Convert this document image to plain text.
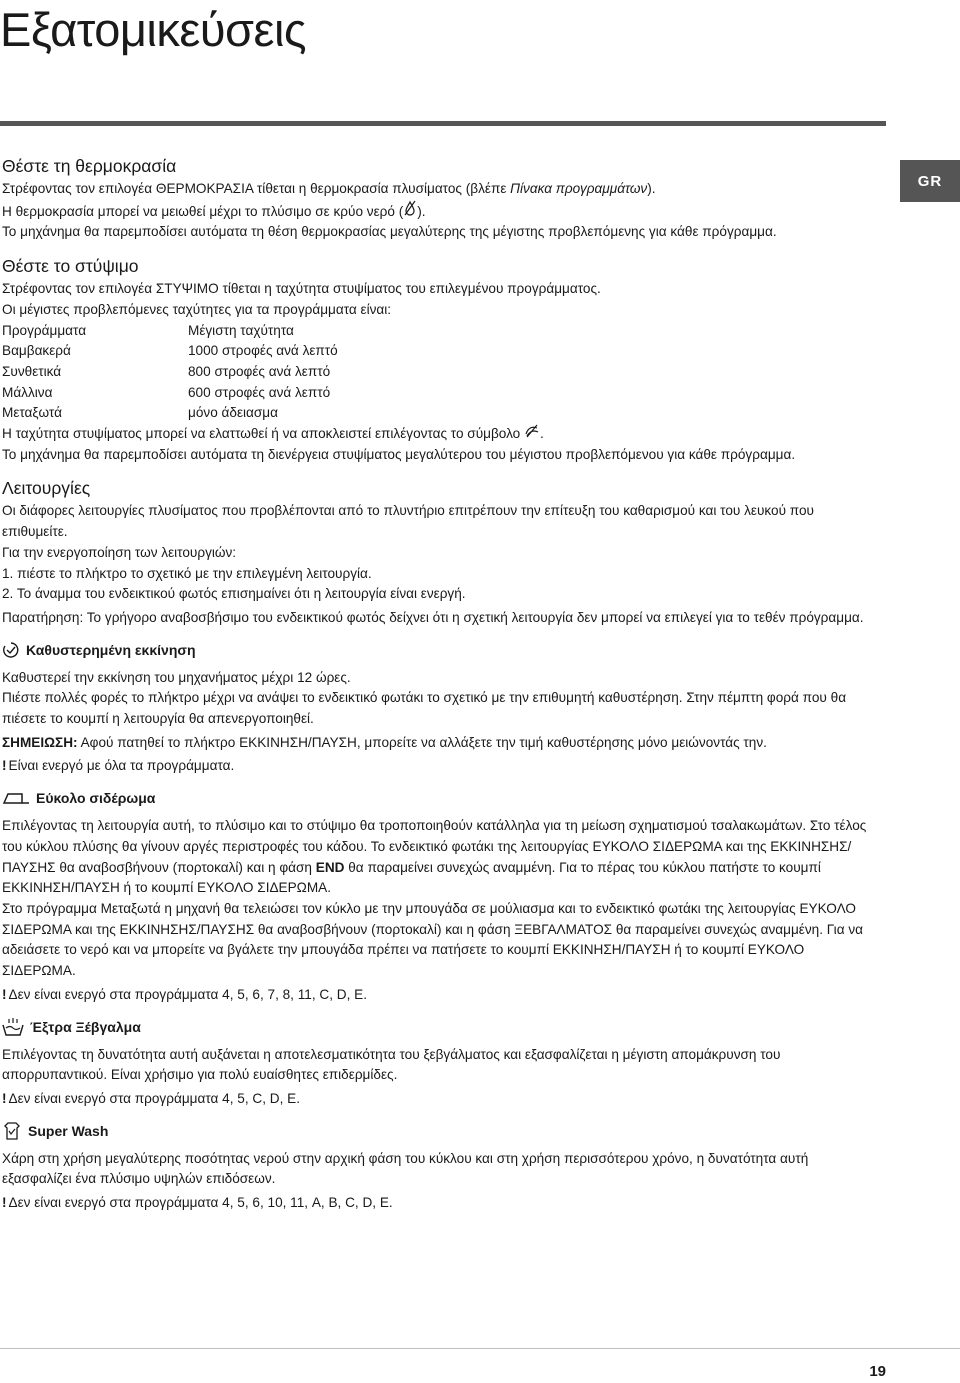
Εξατομικεύσεις
GR
Θέστε τη θερμοκρασία

Στρέφοντας τον επιλογέα ΘΕΡΜΟΚΡΑΣΙΑ τίθεται η θερμοκρασία πλυσίματος (βλέπε Πίνακα προγραμμάτων).

Η θερμοκρασία μπορεί να μειωθεί μέχρι το πλύσιμο σε κρύο νερό ( ).

Το μηχάνημα θα παρεμποδίσει αυτόματα τη θέση θερμοκρασίας μεγαλύτερης της μέγιστης προβλεπόμενης για κάθε πρόγραμμα.

Θέστε το στύψιμο

Στρέφοντας τον επιλογέα ΣΤΥΨΙΜΟ τίθεται η ταχύτητα στυψίματος του επιλεγμένου προγράμματος.

Οι μέγιστες προβλεπόμενες ταχύτητες για τα προγράμματα είναι:

Προγράμματα	Μέγιστη ταχύτητα
Βαμβακερά	1000 στροφές ανά λεπτό
Συνθετικά	800 στροφές ανά λεπτό
Μάλλινα	600 στροφές ανά λεπτό
Μεταξωτά	μόνο άδειασμα

Η ταχύτητα στυψίματος μπορεί να ελαττωθεί ή να αποκλειστεί επιλέγοντας το σύμβολο
.

Το μηχάνημα θα παρεμποδίσει αυτόματα τη διενέργεια στυψίματος μεγαλύτερου του μέγιστου προβλεπόμενου για κάθε πρόγραμμα.

Λειτουργίες

Οι διάφορες λειτουργίες πλυσίματος που προβλέπονται από το πλυντήριο επιτρέπουν την επίτευξη του καθαρισμού και του λευκού που επιθυμείτε.

Για την ενεργοποίηση των λειτουργιών:

1. πιέστε το πλήκτρο το σχετικό με την επιλεγμένη λειτουργία.

2. Το άναμμα του ενδεικτικού φωτός επισημαίνει ότι η λειτουργία είναι ενεργή.

Παρατήρηση: Το γρήγορο αναβοσβήσιμο του ενδεικτικού φωτός δείχνει ότι η σχετική λειτουργία δεν μπορεί να επιλεγεί για το τεθέν πρόγραμμα.

Καθυστερημένη εκκίνηση

Καθυστερεί την εκκίνηση του μηχανήματος μέχρι 12 ώρες.

Πιέστε πολλές φορές το πλήκτρο μέχρι να ανάψει το ενδεικτικό φωτάκι το σχετικό με την επιθυμητή καθυστέρηση. Στην πέμπτη φορά που θα πιέσετε το κουμπί η λειτουργία θα απενεργοποιηθεί.

ΣΗΜΕΙΩΣΗ: Αφού πατηθεί το πλήκτρο ΕΚΚΙΝΗΣΗ/ΠΑΥΣΗ, μπορείτε να αλλάξετε την τιμή καθυστέρησης μόνο μειώνοντάς την.

! Είναι ενεργό με όλα τα προγράμματα.

Εύκολο σιδέρωμα

Επιλέγοντας τη λειτουργία αυτή, το πλύσιμο και το στύψιμο θα τροποποιηθούν κατάλληλα για τη μείωση σχηματισμού τσαλακωμάτων. Στο τέλος του κύκλου πλύσης θα γίνουν αργές περιστροφές του κάδου. Το ενδεικτικό φωτάκι της λειτουργίας ΕΥΚΟΛΟ ΣΙΔΕΡΩΜΑ και της ΕΚΚΙΝΗΣΗΣ/ΠΑΥΣΗΣ θα αναβοσβήνουν (πορτοκαλί) και η φάση END θα παραμείνει συνεχώς αναμμένη. Για το πέρας του κύκλου πατήστε το κουμπί ΕΚΚΙΝΗΣΗ/ΠΑΥΣΗ ή το κουμπί ΕΥΚΟΛΟ ΣΙΔΕΡΩΜΑ.

Στο πρόγραμμα Μεταξωτά η μηχανή θα τελειώσει τον κύκλο με την μπουγάδα σε μούλιασμα και το ενδεικτικό φωτάκι της λειτουργίας ΕΥΚΟΛΟ ΣΙΔΕΡΩΜΑ και της ΕΚΚΙΝΗΣΗΣ/ΠΑΥΣΗΣ θα αναβοσβήνουν (πορτοκαλί) και η φάση ΞΕΒΓΑΛΜΑΤΟΣ θα παραμείνει συνεχώς αναμμένη. Για να αδειάσετε το νερό και να μπορείτε να βγάλετε την μπουγάδα πρέπει να πατήσετε το κουμπί ΕΚΚΙΝΗΣΗ/ΠΑΥΣΗ ή το κουμπί ΕΥΚΟΛΟ ΣΙΔΕΡΩΜΑ.

! Δεν είναι ενεργό στα προγράμματα 4, 5, 6, 7, 8, 11, C, D, E.

Έξτρα Ξέβγαλμα

Επιλέγοντας τη δυνατότητα αυτή αυξάνεται η αποτελεσματικότητα του ξεβγάλματος και εξασφαλίζεται η μέγιστη απομάκρυνση του απορρυπαντικού. Είναι χρήσιμο για πολύ ευαίσθητες επιδερμίδες.

! Δεν είναι ενεργό στα προγράμματα 4, 5, C, D, E.

Super Wash

Χάρη στη χρήση μεγαλύτερης ποσότητας νερού στην αρχική φάση του κύκλου και στη χρήση περισσότερου χρόνο, η δυνατότητα αυτή εξασφαλίζει ένα πλύσιμο υψηλών επιδόσεων.

! Δεν είναι ενεργό στα προγράμματα 4, 5, 6, 10, 11, A, B, C, D, E.

19
